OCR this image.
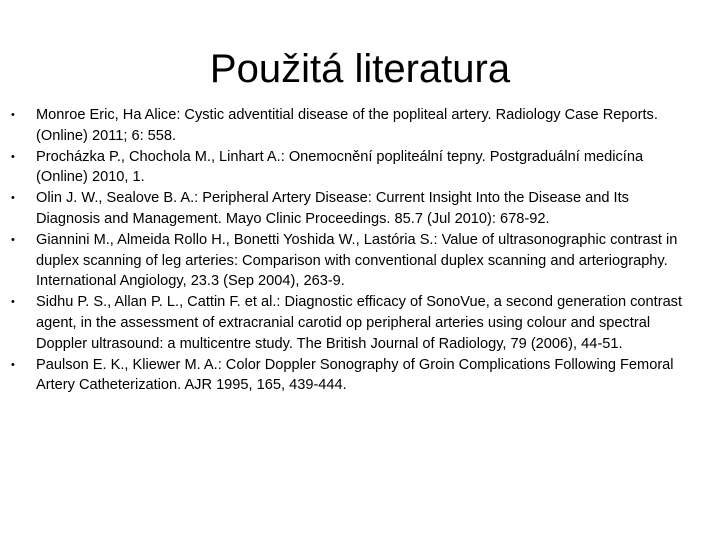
Použitá literatura
• Monroe Eric, Ha Alice: Cystic adventitial disease of the popliteal artery. Radiology Case Reports. (Online) 2011; 6: 558.
• Procházka P., Chochola M., Linhart A.: Onemocnění popliteální tepny. Postgraduální medicína (Online) 2010, 1.
• Olin J. W., Sealove B. A.: Peripheral Artery Disease: Current Insight Into the Disease and Its Diagnosis and Management. Mayo Clinic Proceedings. 85.7 (Jul 2010): 678-92.
• Giannini M., Almeida Rollo H., Bonetti Yoshida W., Lastória S.: Value of ultrasonographic contrast in duplex scanning of leg arteries: Comparison with conventional duplex scanning and arteriography. International Angiology, 23.3 (Sep 2004), 263-9.
• Sidhu P. S., Allan P. L., Cattin F. et al.: Diagnostic efficacy of SonoVue, a second generation contrast agent, in the assessment of extracranial carotid op peripheral arteries using colour and spectral Doppler ultrasound: a multicentre study. The British Journal of Radiology, 79 (2006), 44-51.
• Paulson E. K., Kliewer M. A.: Color Doppler Sonography of Groin Complications Following Femoral Artery Catheterization. AJR 1995, 165, 439-444.
